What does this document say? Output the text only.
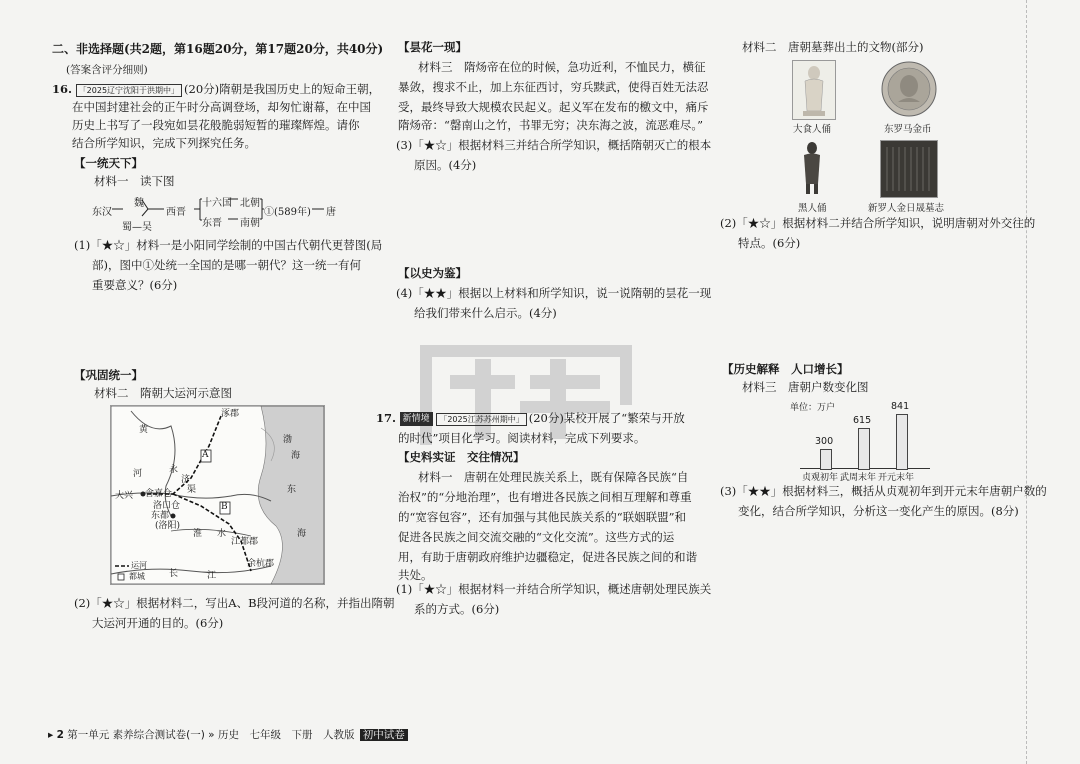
二、非选择题(共2题，第16题20分，第17题20分，共40分)
(答案含评分细则)
16. 「2025辽宁沈阳于洪期中」 (20分)隋朝是我国历史上的短命王朝，
在中国封建社会的正午时分高调登场，却匆忙谢幕，在中国
历史上书写了一段宛如昙花般脆弱短暂的璀璨辉煌。请你
结合所学知识，完成下列探究任务。
【一统天下】
材料一　读下图
东汉
魏
蜀—吴
西晋
十六国 北朝
东晋 南朝
①(589年) 唐
(1)「★☆」材料一是小阳同学绘制的中国古代朝代更替图(局
部)，图中①处统一全国的是哪一朝代？这一统一有何
重要意义？(6分)
【巩固统一】
材料二　隋朝大运河示意图
涿郡
黄
渤
海
河
A
B
永
济
渠
大兴 含嘉仓
洛口仓
东都
(洛阳)
淮 水
江都郡
东
海
余杭郡
长	江
运河
都城
(2)「★☆」根据材料二，写出A、B段河道的名称，并指出隋朝
大运河开通的目的。(6分)
【昙花一现】
材料三　隋炀帝在位的时候，急功近利，不恤民力，横征
暴敛，搜求不止，加上东征西讨，穷兵黩武，使得百姓无法忍
受，最终导致大规模农民起义。起义军在发布的檄文中，痛斥
隋炀帝：“罄南山之竹，书罪无穷；决东海之波，流恶难尽。”
(3)「★☆」根据材料三并结合所学知识，概括隋朝灭亡的根本
原因。(4分)
【以史为鉴】
(4)「★★」根据以上材料和所学知识，说一说隋朝的昙花一现
给我们带来什么启示。(4分)
17. 新情境 「2025江苏苏州期中」 (20分)某校开展了“繁荣与开放
的时代”项目化学习。阅读材料，完成下列要求。
【史料实证　交往情况】
材料一　唐朝在处理民族关系上，既有保障各民族“自
治权”的“分地治理”，也有增进各民族之间相互理解和尊重
的“宽容包容”，还有加强与其他民族关系的“联姻联盟”和
促进各民族之间交流交融的“文化交流”。这些方式的运
用，有助于唐朝政府维护边疆稳定，促进各民族之间的和谐
共处。
(1)「★☆」根据材料一并结合所学知识，概述唐朝处理民族关
系的方式。(6分)
材料二　唐朝墓葬出土的文物(部分)
大食人俑	东罗马金币
黑人俑	新罗人金日晟墓志
(2)「★☆」根据材料二并结合所学知识，说明唐朝对外交往的
特点。(6分)
【历史解释　人口增长】
材料三　唐朝户数变化图
单位：万户
300
贞观初年
615
武周末年
841
开元末年
(3)「★★」根据材料三，概括从贞观初年到开元末年唐朝户数的
变化，结合所学知识，分析这一变化产生的原因。(8分)
▸ 2 第一单元 素养综合测试卷(一) » 历史　七年级　下册　人教版 初中试卷
